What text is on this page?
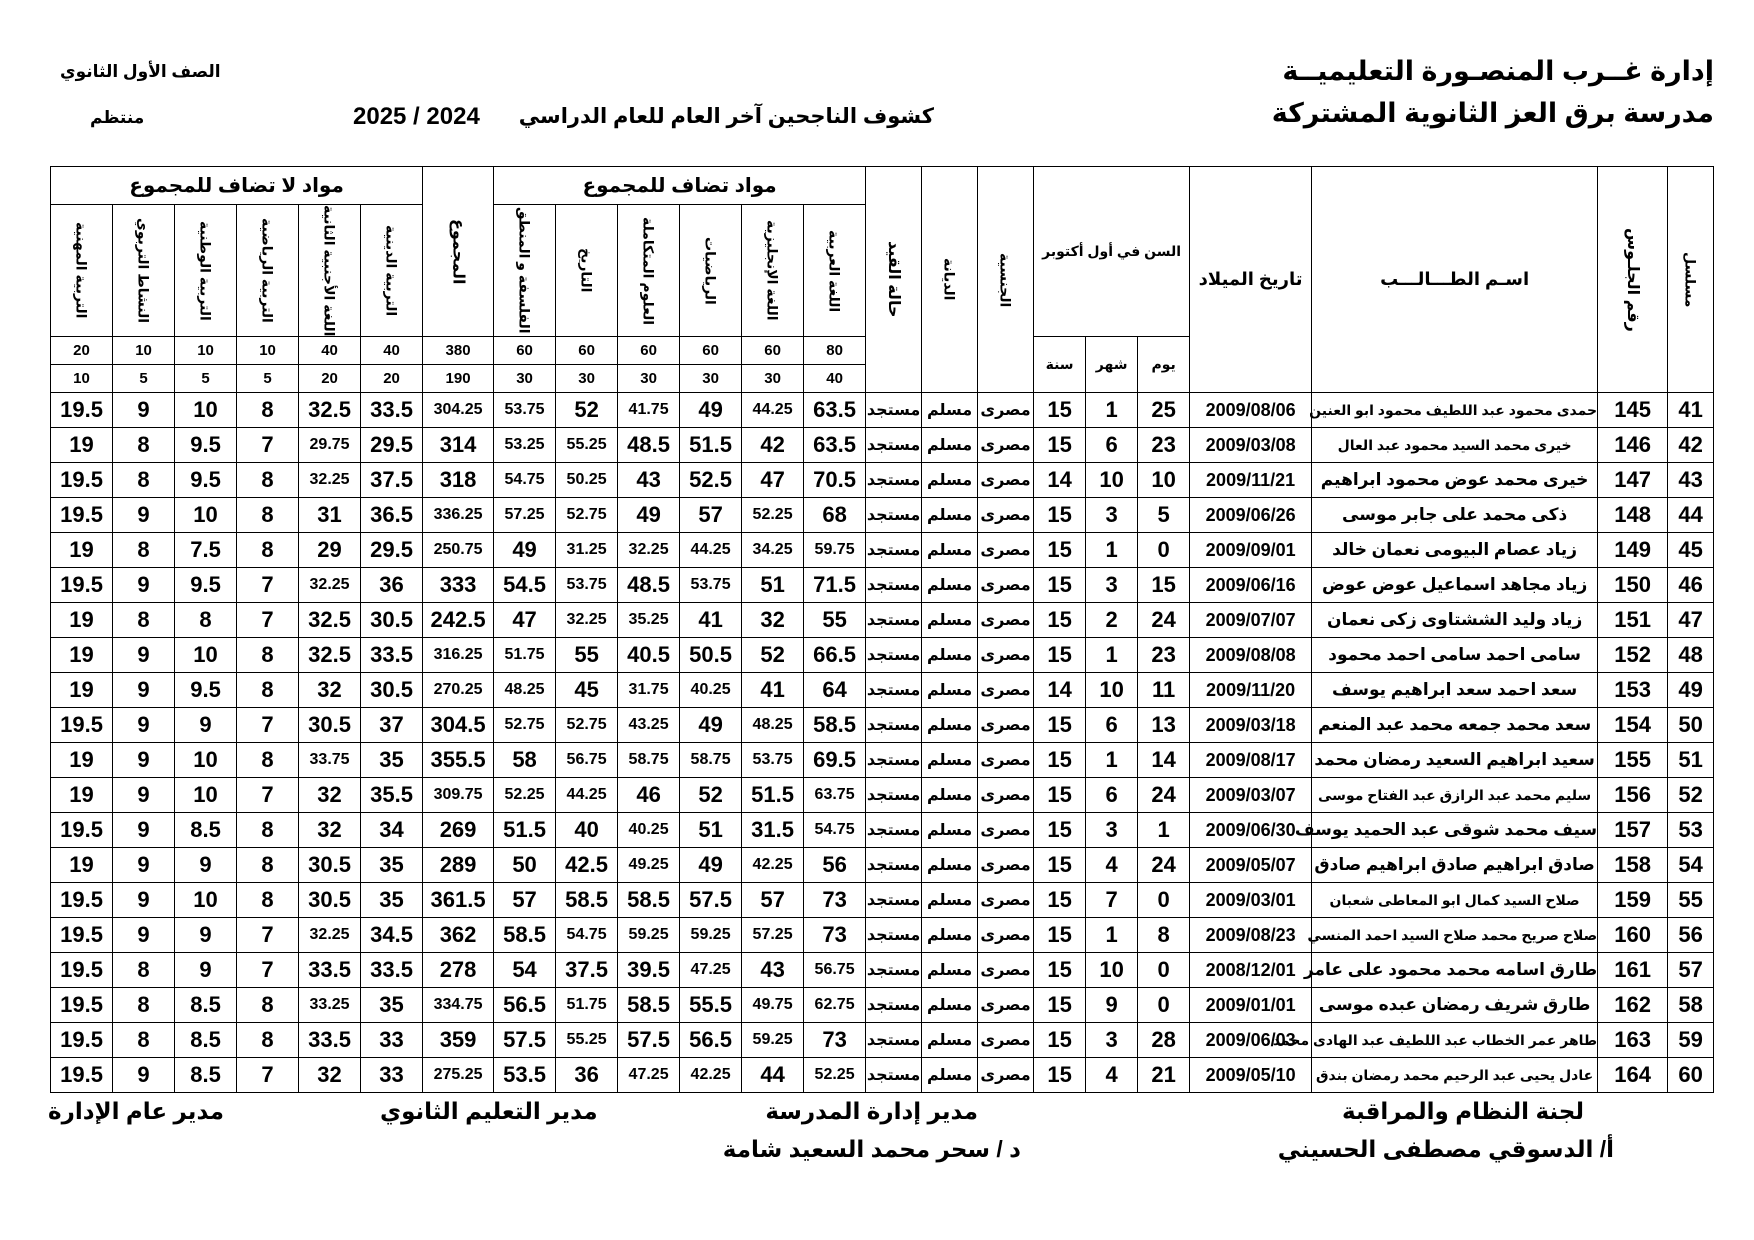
إدارة غــرب المنصـورة التعليميــة
مدرسة برق العز الثانوية المشتركة
كشوف الناجحين آخر العام للعام الدراسي
2025 / 2024
الصف الأول الثانوي
منتظم
مسلسل	رقم الجلـوس	اسـم الطـــالـــب	تاريخ الميلاد	السن في أول أكتوبر			الجنسية	الديانة	حالة القيد	مواد تضاف للمجموع						المجموع	مواد لا تضاف للمجموع					

										اللغة العربية	اللغة الإنجليزية	الرياضيات	العلوم المتكاملة	التاريخ	الفلسفة و المنطق		التربية الدينية	اللغة الأجنبية الثانية	التربية الرياضية	التربية الوطنية	النشاط التربوي	التربية المهنية

				يوم	شهر	سنة				80	60	60	60	60	60	380	40	40	10	10	10	20
										40	30	30	30	30	30	190	20	20	5	5	5	10
41	145	حمدى محمود عبد اللطيف محمود ابو العنين	2009/08/06	25	1	15	مصرى	مسلم	مستجد	63.5	44.25	49	41.75	52	53.75	304.25	33.5	32.5	8	10	9	19.5
42	146	خيرى محمد السيد محمود عبد العال	2009/03/08	23	6	15	مصرى	مسلم	مستجد	63.5	42	51.5	48.5	55.25	53.25	314	29.5	29.75	7	9.5	8	19
43	147	خيرى محمد عوض محمود ابراهيم	2009/11/21	10	10	14	مصرى	مسلم	مستجد	70.5	47	52.5	43	50.25	54.75	318	37.5	32.25	8	9.5	8	19.5
44	148	ذكى محمد على جابر موسى	2009/06/26	5	3	15	مصرى	مسلم	مستجد	68	52.25	57	49	52.75	57.25	336.25	36.5	31	8	10	9	19.5
45	149	زياد عصام البيومى نعمان خالد	2009/09/01	0	1	15	مصرى	مسلم	مستجد	59.75	34.25	44.25	32.25	31.25	49	250.75	29.5	29	8	7.5	8	19
46	150	زياد مجاهد اسماعيل عوض عوض	2009/06/16	15	3	15	مصرى	مسلم	مستجد	71.5	51	53.75	48.5	53.75	54.5	333	36	32.25	7	9.5	9	19.5
47	151	زياد وليد الششتاوى زكى نعمان	2009/07/07	24	2	15	مصرى	مسلم	مستجد	55	32	41	35.25	32.25	47	242.5	30.5	32.5	7	8	8	19
48	152	سامى احمد سامى احمد محمود	2009/08/08	23	1	15	مصرى	مسلم	مستجد	66.5	52	50.5	40.5	55	51.75	316.25	33.5	32.5	8	10	9	19
49	153	سعد احمد سعد ابراهيم يوسف	2009/11/20	11	10	14	مصرى	مسلم	مستجد	64	41	40.25	31.75	45	48.25	270.25	30.5	32	8	9.5	9	19
50	154	سعد محمد جمعه محمد عبد المنعم	2009/03/18	13	6	15	مصرى	مسلم	مستجد	58.5	48.25	49	43.25	52.75	52.75	304.5	37	30.5	7	9	9	19.5
51	155	سعيد ابراهيم السعيد رمضان محمد	2009/08/17	14	1	15	مصرى	مسلم	مستجد	69.5	53.75	58.75	58.75	56.75	58	355.5	35	33.75	8	10	9	19
52	156	سليم محمد عبد الرازق عبد الفتاح موسى	2009/03/07	24	6	15	مصرى	مسلم	مستجد	63.75	51.5	52	46	44.25	52.25	309.75	35.5	32	7	10	9	19
53	157	سيف محمد شوقى عبد الحميد يوسف	2009/06/30	1	3	15	مصرى	مسلم	مستجد	54.75	31.5	51	40.25	40	51.5	269	34	32	8	8.5	9	19.5
54	158	صادق ابراهيم صادق ابراهيم صادق	2009/05/07	24	4	15	مصرى	مسلم	مستجد	56	42.25	49	49.25	42.5	50	289	35	30.5	8	9	9	19
55	159	صلاح السيد كمال ابو المعاطى شعبان	2009/03/01	0	7	15	مصرى	مسلم	مستجد	73	57	57.5	58.5	58.5	57	361.5	35	30.5	8	10	9	19.5
56	160	صلاح صريح محمد صلاح السيد احمد المنسي	2009/08/23	8	1	15	مصرى	مسلم	مستجد	73	57.25	59.25	59.25	54.75	58.5	362	34.5	32.25	7	9	9	19.5
57	161	طارق اسامه محمد محمود على عامر	2008/12/01	0	10	15	مصرى	مسلم	مستجد	56.75	43	47.25	39.5	37.5	54	278	33.5	33.5	7	9	8	19.5
58	162	طارق شريف رمضان عبده موسى	2009/01/01	0	9	15	مصرى	مسلم	مستجد	62.75	49.75	55.5	58.5	51.75	56.5	334.75	35	33.25	8	8.5	8	19.5
59	163	طاهر عمر الخطاب عبد اللطيف عبد الهادى محمد	2009/06/03	28	3	15	مصرى	مسلم	مستجد	73	59.25	56.5	57.5	55.25	57.5	359	33	33.5	8	8.5	8	19.5
60	164	عادل يحيى عبد الرحيم محمد رمضان بندق	2009/05/10	21	4	15	مصرى	مسلم	مستجد	52.25	44	42.25	47.25	36	53.5	275.25	33	32	7	8.5	9	19.5
لجنة النظام والمراقبة
أ/ الدسوقي مصطفى الحسيني
مدير إدارة المدرسة
د / سحر محمد السعيد شامة
مدير التعليم الثانوي
مدير عام الإدارة
